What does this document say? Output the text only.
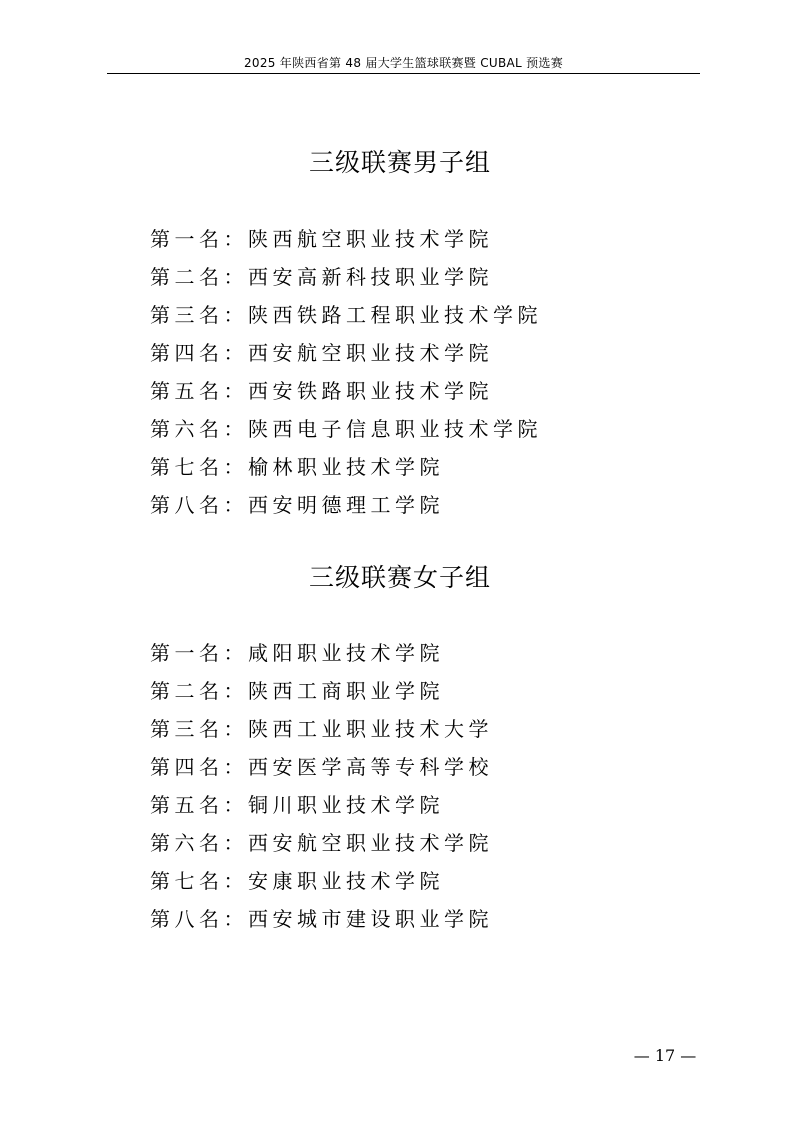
2025 年陕西省第 48 届大学生篮球联赛暨 CUBAL 预选赛
三级联赛男子组
第一名：陕西航空职业技术学院
第二名：西安高新科技职业学院
第三名：陕西铁路工程职业技术学院
第四名：西安航空职业技术学院
第五名：西安铁路职业技术学院
第六名：陕西电子信息职业技术学院
第七名：榆林职业技术学院
第八名：西安明德理工学院
三级联赛女子组
第一名：咸阳职业技术学院
第二名：陕西工商职业学院
第三名：陕西工业职业技术大学
第四名：西安医学高等专科学校
第五名：铜川职业技术学院
第六名：西安航空职业技术学院
第七名：安康职业技术学院
第八名：西安城市建设职业学院
— 17 —
